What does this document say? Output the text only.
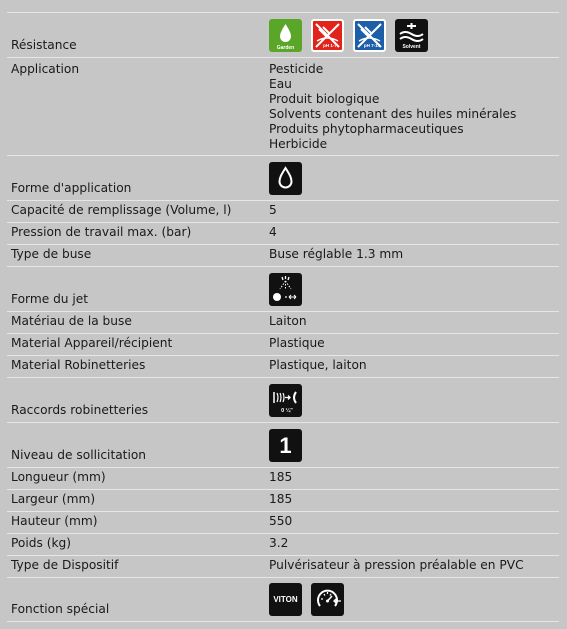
Résistance	Garden	pH 1-7	pH 7-14	Solvent
Application	Pesticide
Eau
Produit biologique
Solvents contenant des huiles minérales
Produits phytopharmaceutiques
Herbicide
Forme d'application
Capacité de remplissage (Volume, l)	5
Pression de travail max. (bar)	4
Type de buse	Buse réglable 1.3 mm
Forme du jet
Matériau de la buse	Laiton
Material Appareil/récipient	Plastique
Material Robinetteries	Plastique, laiton
Raccords robinetteries	0 ¼"
Niveau de sollicitation	1
Longueur (mm)	185
Largeur (mm)	185
Hauteur (mm)	550
Poids (kg)	3.2
Type de Dispositif	Pulvérisateur à pression préalable en PVC
Fonction spécial
VITON
